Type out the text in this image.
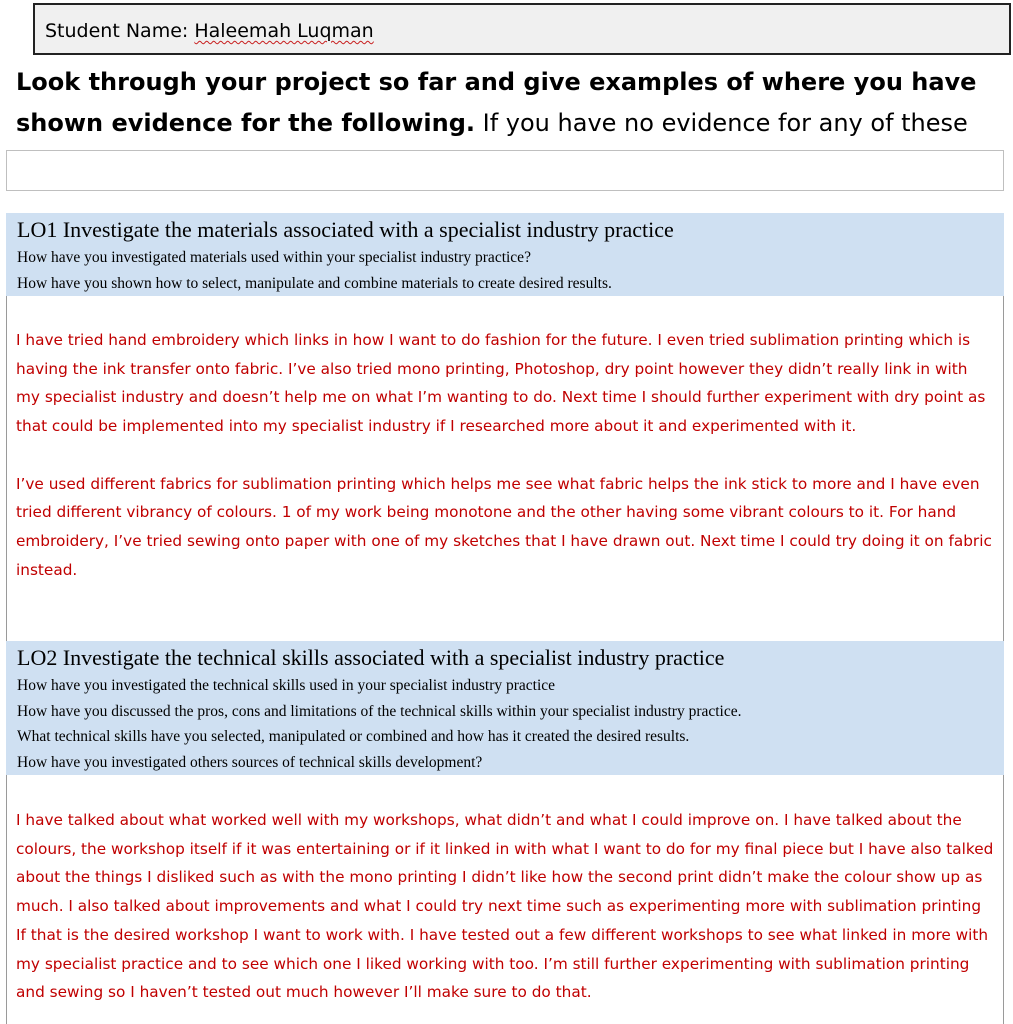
Student Name: Haleemah Luqman
Look through your project so far and give examples of where you have shown evidence for the following. If you have no evidence for any of these
LO1 Investigate the materials associated with a specialist industry practice
How have you investigated materials used within your specialist industry practice?
How have you shown how to select, manipulate and combine materials to create desired results.

I have tried hand embroidery which links in how I want to do fashion for the future. I even tried sublimation printing which is having the ink transfer onto fabric. I’ve also tried mono printing, Photoshop, dry point however they didn’t really link in with my specialist industry and doesn’t help me on what I’m wanting to do. Next time I should further experiment with dry point as that could be implemented into my specialist industry if I researched more about it and experimented with it.

I’ve used different fabrics for sublimation printing which helps me see what fabric helps the ink stick to more and I have even tried different vibrancy of colours. 1 of my work being monotone and the other having some vibrant colours to it. For hand embroidery, I’ve tried sewing onto paper with one of my sketches that I have drawn out. Next time I could try doing it on fabric instead.

LO2 Investigate the technical skills associated with a specialist industry practice
How have you investigated the technical skills used in your specialist industry practice
How have you discussed the pros, cons and limitations of the technical skills within your specialist industry practice.
What technical skills have you selected, manipulated or combined and how has it created the desired results.
How have you investigated others sources of technical skills development?

I have talked about what worked well with my workshops, what didn’t and what I could improve on. I have talked about the colours, the workshop itself if it was entertaining or if it linked in with what I want to do for my final piece but I have also talked about the things I disliked such as with the mono printing I didn’t like how the second print didn’t make the colour show up as much. I also talked about improvements and what I could try next time such as experimenting more with sublimation printing If that is the desired workshop I want to work with. I have tested out a few different workshops to see what linked in more with my specialist practice and to see which one I liked working with too. I’m still further experimenting with sublimation printing and sewing so I haven’t tested out much however I’ll make sure to do that.
